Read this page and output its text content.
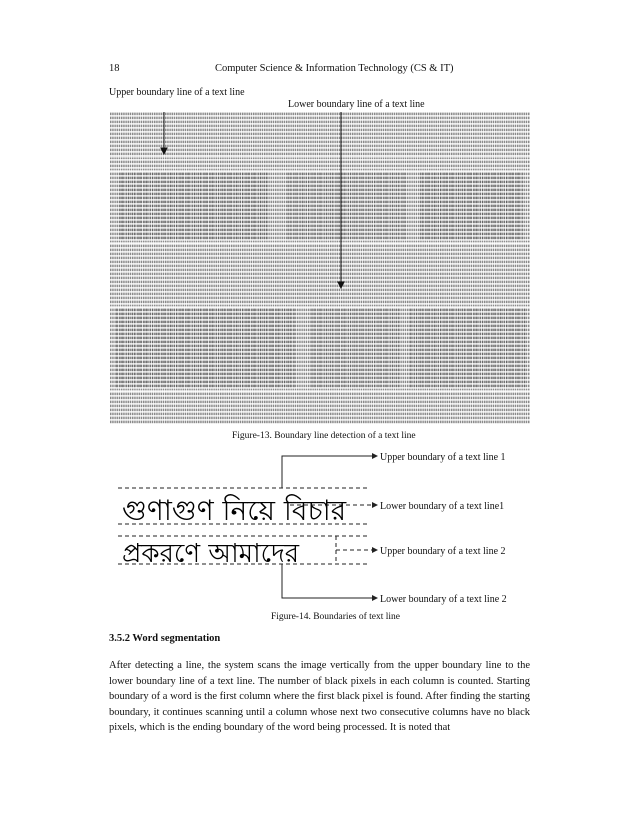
18	Computer Science & Information Technology (CS & IT)
Upper boundary line of a text line
Lower boundary line of a text line
Figure-13. Boundary line detection of a text line
গুণাগুণ নিয়ে বিচার
প্রকরণে আমাদের
Upper boundary of a text line 1
Lower boundary of a text line1
Upper boundary of a text line 2
Lower boundary of a text line 2
Figure-14. Boundaries of text line
3.5.2 Word segmentation
After detecting a line, the system scans the image vertically from the upper boundary line to the lower boundary line of a text line. The number of black pixels in each column is counted. Starting boundary of a word is the first column where the first black pixel is found. After finding the starting boundary, it continues scanning until a column whose next two consecutive columns have no black pixels, which is the ending boundary of the word being processed. It is noted that
